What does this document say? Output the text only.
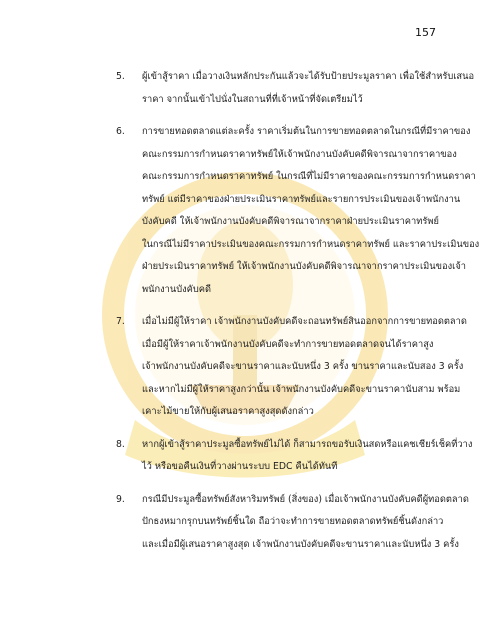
157
5. ผู้เข้าสู้ราคา เมื่อวางเงินหลักประกันแล้วจะได้รับป้ายประมูลราคา เพื่อใช้สำหรับเสนอ
ราคา จากนั้นเข้าไปนั่งในสถานที่ที่เจ้าหน้าที่จัดเตรียมไว้
6. การขายทอดตลาดแต่ละครั้ง ราคาเริ่มต้นในการขายทอดตลาดในกรณีที่มีราคาของ
คณะกรรมการกำหนดราคาทรัพย์ให้เจ้าพนักงานบังคับคดีพิจารณาจากราคาของ
คณะกรรมการกำหนดราคาทรัพย์ ในกรณีที่ไม่มีราคาของคณะกรรมการกำหนดราคา
ทรัพย์ แต่มีราคาของฝ่ายประเมินราคาทรัพย์และรายการประเมินของเจ้าพนักงาน
บังคับคดี ให้เจ้าพนักงานบังคับคดีพิจารณาจากราคาฝ่ายประเมินราคาทรัพย์
ในกรณีไม่มีราคาประเมินของคณะกรรมการกำหนดราคาทรัพย์ และราคาประเมินของ
ฝ่ายประเมินราคาทรัพย์ ให้เจ้าพนักงานบังคับคดีพิจารณาจากราคาประเมินของเจ้า
พนักงานบังคับคดี
7. เมื่อไม่มีผู้ให้ราคา เจ้าพนักงานบังคับคดีจะถอนทรัพย์สินออกจากการขายทอดตลาด
เมื่อมีผู้ให้ราคาเจ้าพนักงานบังคับคดีจะทำการขายทอดตลาดจนได้ราคาสูง
เจ้าพนักงานบังคับคดีจะขานราคาและนับหนึ่ง 3 ครั้ง ขานราคาและนับสอง 3 ครั้ง
และหากไม่มีผู้ให้ราคาสูงกว่านั้น เจ้าพนักงานบังคับคดีจะขานราคานับสาม พร้อม
เคาะไม้ขายให้กับผู้เสนอราคาสูงสุดดังกล่าว
8. หากผู้เข้าสู้ราคาประมูลซื้อทรัพย์ไม่ได้ ก็สามารถขอรับเงินสดหรือแคชเชียร์เช็คที่วาง
ไว้ หรือขอคืนเงินที่วางผ่านระบบ EDC คืนได้ทันที
9. กรณีมีประมูลซื้อทรัพย์สังหาริมทรัพย์ (สิ่งของ) เมื่อเจ้าพนักงานบังคับคดีผู้ทอดตลาด
ปักธงหมากรุกบนทรัพย์ชิ้นใด ถือว่าจะทำการขายทอดตลาดทรัพย์ชิ้นดังกล่าว
และเมื่อมีผู้เสนอราคาสูงสุด เจ้าพนักงานบังคับคดีจะขานราคาและนับหนึ่ง 3 ครั้ง
